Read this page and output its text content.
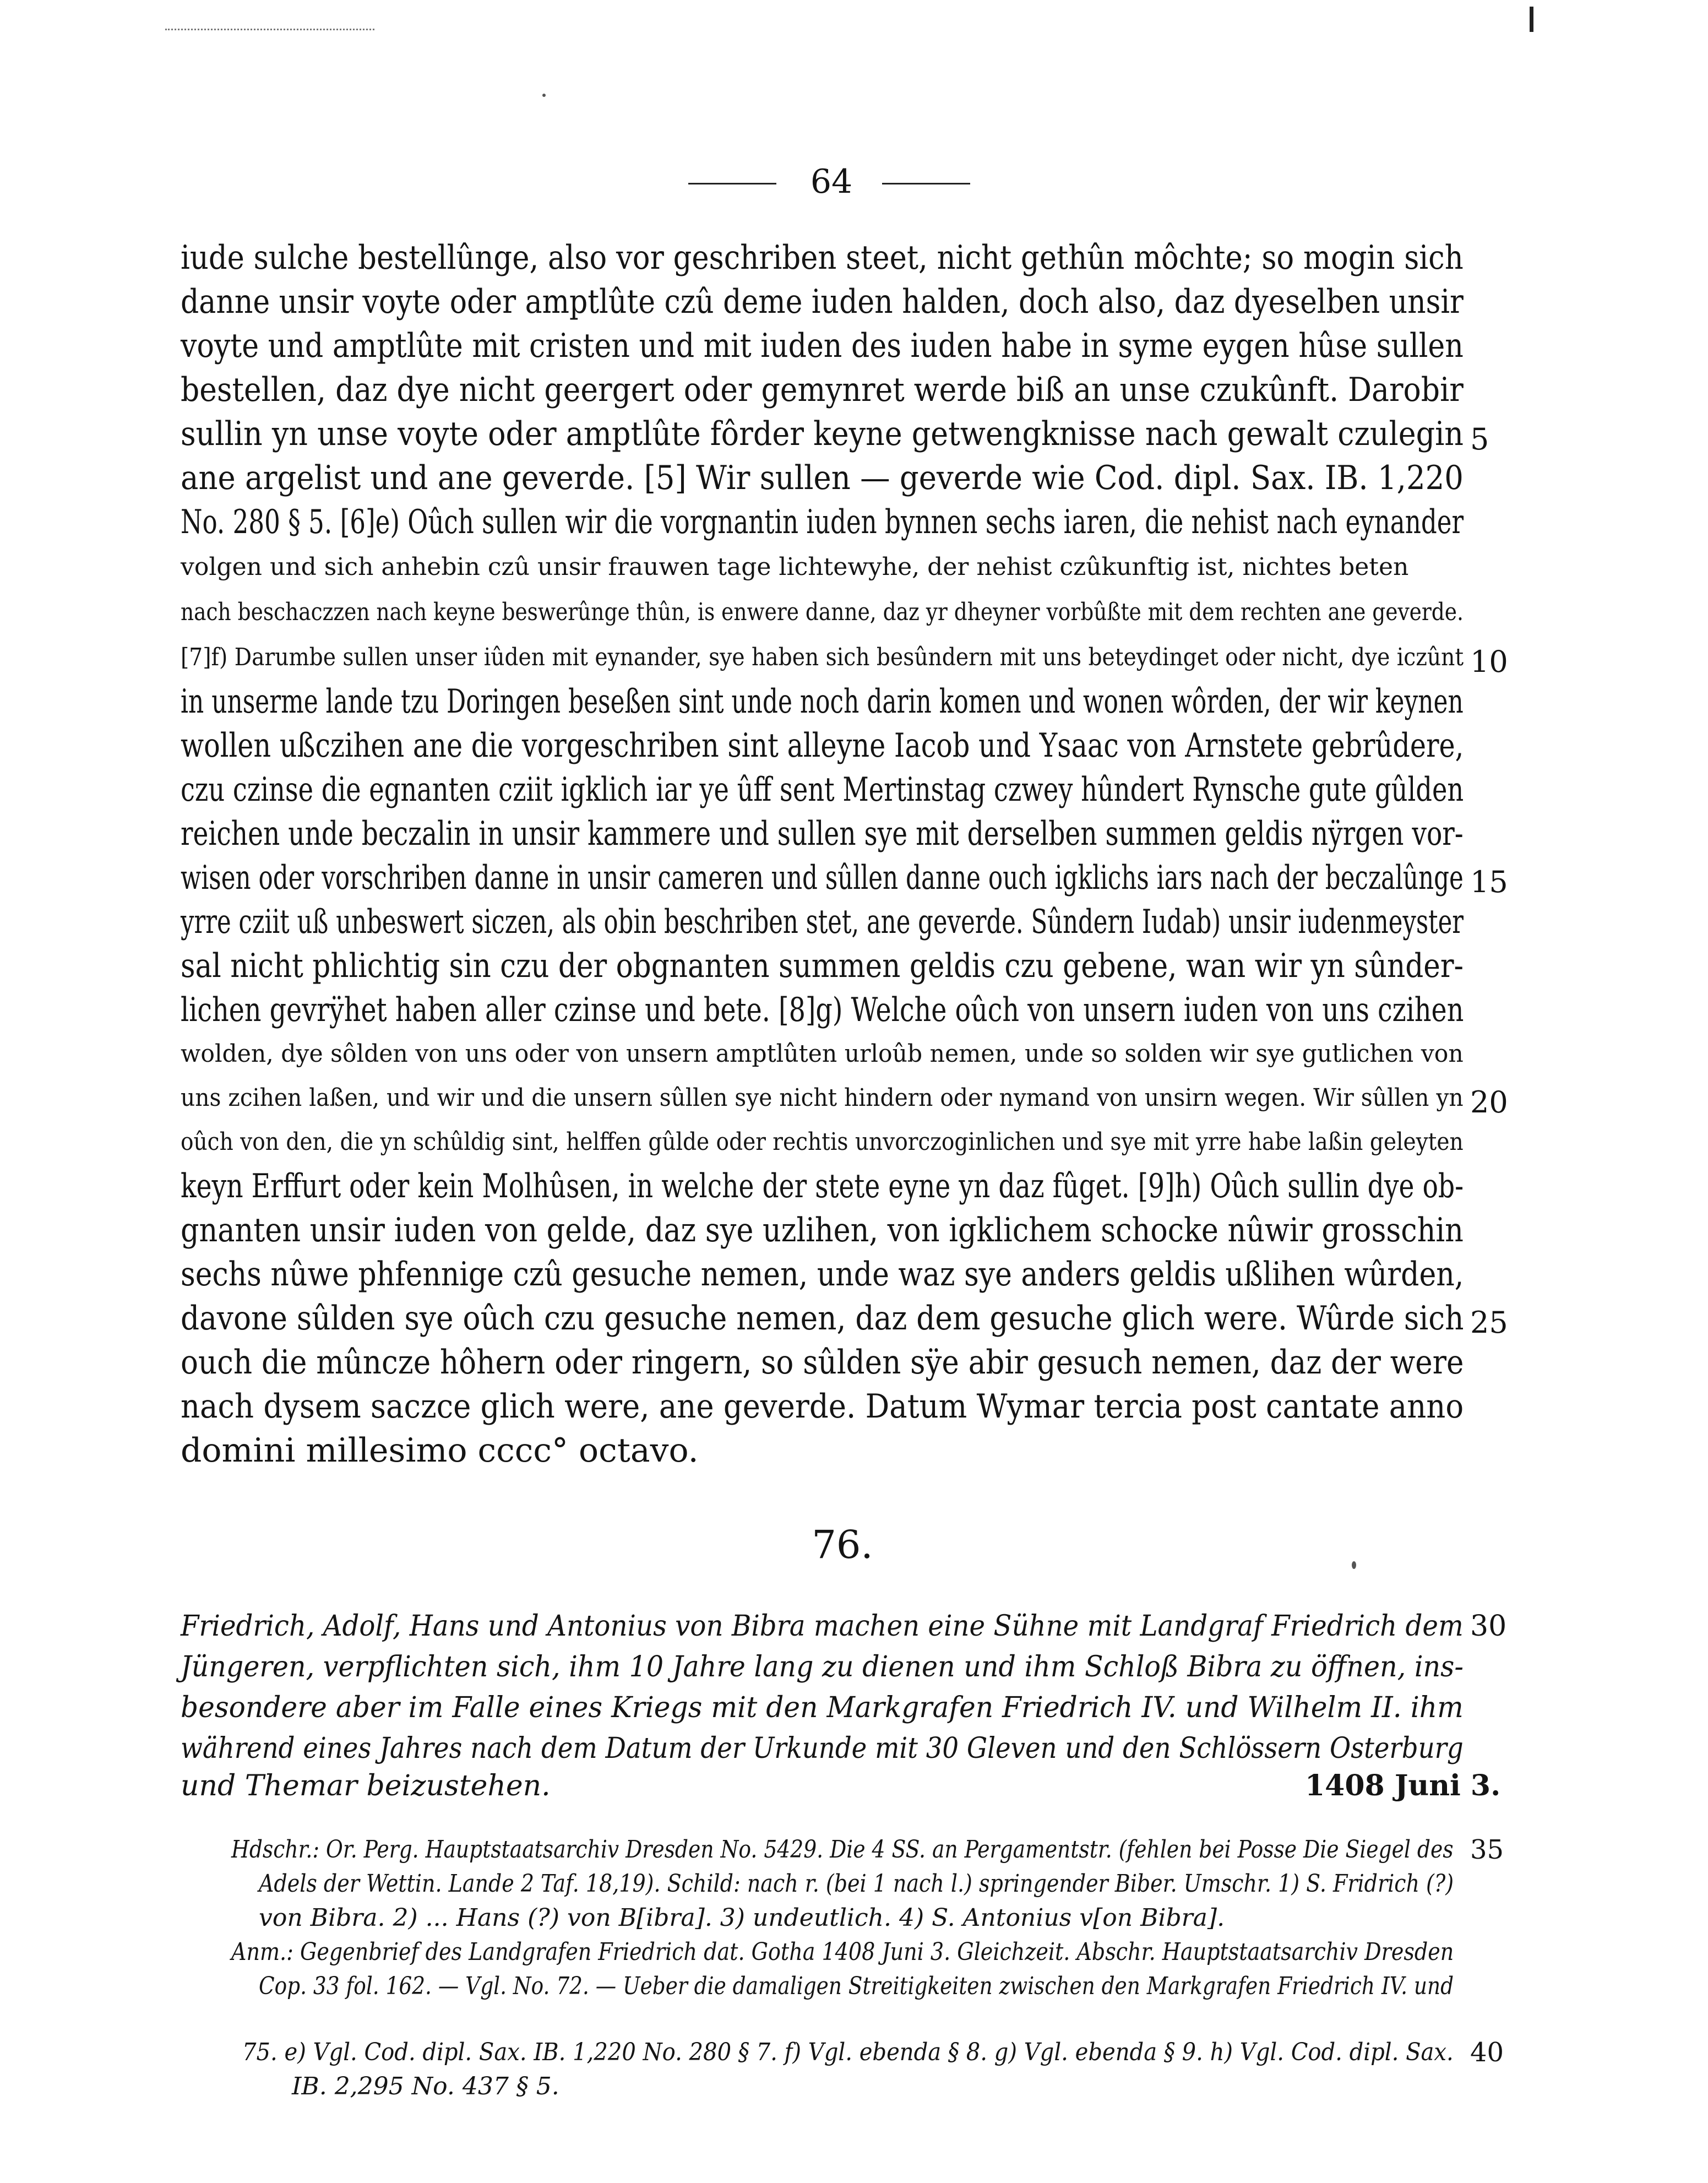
64
iude sulche bestellûnge, also vor geschriben steet, nicht gethûn môchte; so mogin sich
danne unsir voyte oder amptlûte czû deme iuden halden, doch also, daz dyeselben unsir
voyte und amptlûte mit cristen und mit iuden des iuden habe in syme eygen hûse sullen
bestellen, daz dye nicht geergert oder gemynret werde biß an unse czukûnft. Darobir
sullin yn unse voyte oder amptlûte fôrder keyne getwengknisse nach gewalt czulegin
ane argelist und ane geverde. [5] Wir sullen — geverde wie Cod. dipl. Sax. IB. 1,220
No. 280 § 5. [6]e) Oûch sullen wir die vorgnantin iuden bynnen sechs iaren, die nehist nach eynander
volgen und sich anhebin czû unsir frauwen tage lichtewyhe, der nehist czûkunftig ist, nichtes beten
nach beschaczzen nach keyne beswerûnge thûn, is enwere danne, daz yr dheyner vorbûßte mit dem rechten ane geverde.
[7]f) Darumbe sullen unser iûden mit eynander, sye haben sich besûndern mit uns beteydinget oder nicht, dye iczûnt
in unserme lande tzu Doringen beseßen sint unde noch darin komen und wonen wôrden, der wir keynen
wollen ußczihen ane die vorgeschriben sint alleyne Iacob und Ysaac von Arnstete gebrûdere,
czu czinse die egnanten cziit igklich iar ye ûff sent Mertinstag czwey hûndert Rynsche gute gûlden
reichen unde beczalin in unsir kammere und sullen sye mit derselben summen geldis nÿrgen vor-
wisen oder vorschriben danne in unsir cameren und sûllen danne ouch igklichs iars nach der beczalûnge
yrre cziit uß unbeswert siczen, als obin beschriben stet, ane geverde. Sûndern Iudab) unsir iudenmeyster
sal nicht phlichtig sin czu der obgnanten summen geldis czu gebene, wan wir yn sûnder-
lichen gevrÿhet haben aller czinse und bete. [8]g) Welche oûch von unsern iuden von uns czihen
wolden, dye sôlden von uns oder von unsern amptlûten urloûb nemen, unde so solden wir sye gutlichen von
uns zcihen laßen, und wir und die unsern sûllen sye nicht hindern oder nymand von unsirn wegen. Wir sûllen yn
oûch von den, die yn schûldig sint, helffen gûlde oder rechtis unvorczoginlichen und sye mit yrre habe laßin geleyten
keyn Erffurt oder kein Molhûsen, in welche der stete eyne yn daz fûget. [9]h) Oûch sullin dye ob-
gnanten unsir iuden von gelde, daz sye uzlihen, von igklichem schocke nûwir grosschin
sechs nûwe phfennige czû gesuche nemen, unde waz sye anders geldis ußlihen wûrden,
davone sûlden sye oûch czu gesuche nemen, daz dem gesuche glich were. Wûrde sich
ouch die mûncze hôhern oder ringern, so sûlden sÿe abir gesuch nemen, daz der were
nach dysem saczce glich were, ane geverde. Datum Wymar tercia post cantate anno
domini millesimo cccc° octavo.
5
10
15
20
25
76.
Friedrich, Adolf, Hans und Antonius von Bibra machen eine Sühne mit Landgraf Friedrich dem
Jüngeren, verpflichten sich, ihm 10 Jahre lang zu dienen und ihm Schloß Bibra zu öffnen, ins-
besondere aber im Falle eines Kriegs mit den Markgrafen Friedrich IV. und Wilhelm II. ihm
während eines Jahres nach dem Datum der Urkunde mit 30 Gleven und den Schlössern Osterburg
und Themar beizustehen.	1408 Juni 3.
30
Hdschr.: Or. Perg. Hauptstaatsarchiv Dresden No. 5429. Die 4 SS. an Pergamentstr. (fehlen bei Posse Die Siegel des
Adels der Wettin. Lande 2 Taf. 18,19). Schild: nach r. (bei 1 nach l.) springender Biber. Umschr. 1) S. Fridrich (?)
von Bibra. 2) ... Hans (?) von B[ibra]. 3) undeutlich. 4) S. Antonius v[on Bibra].
Anm.: Gegenbrief des Landgrafen Friedrich dat. Gotha 1408 Juni 3. Gleichzeit. Abschr. Hauptstaatsarchiv Dresden
Cop. 33 fol. 162. — Vgl. No. 72. — Ueber die damaligen Streitigkeiten zwischen den Markgrafen Friedrich IV. und
35
75. e) Vgl. Cod. dipl. Sax. IB. 1,220 No. 280 § 7. f) Vgl. ebenda § 8. g) Vgl. ebenda § 9. h) Vgl. Cod. dipl. Sax.
IB. 2,295 No. 437 § 5.
40
